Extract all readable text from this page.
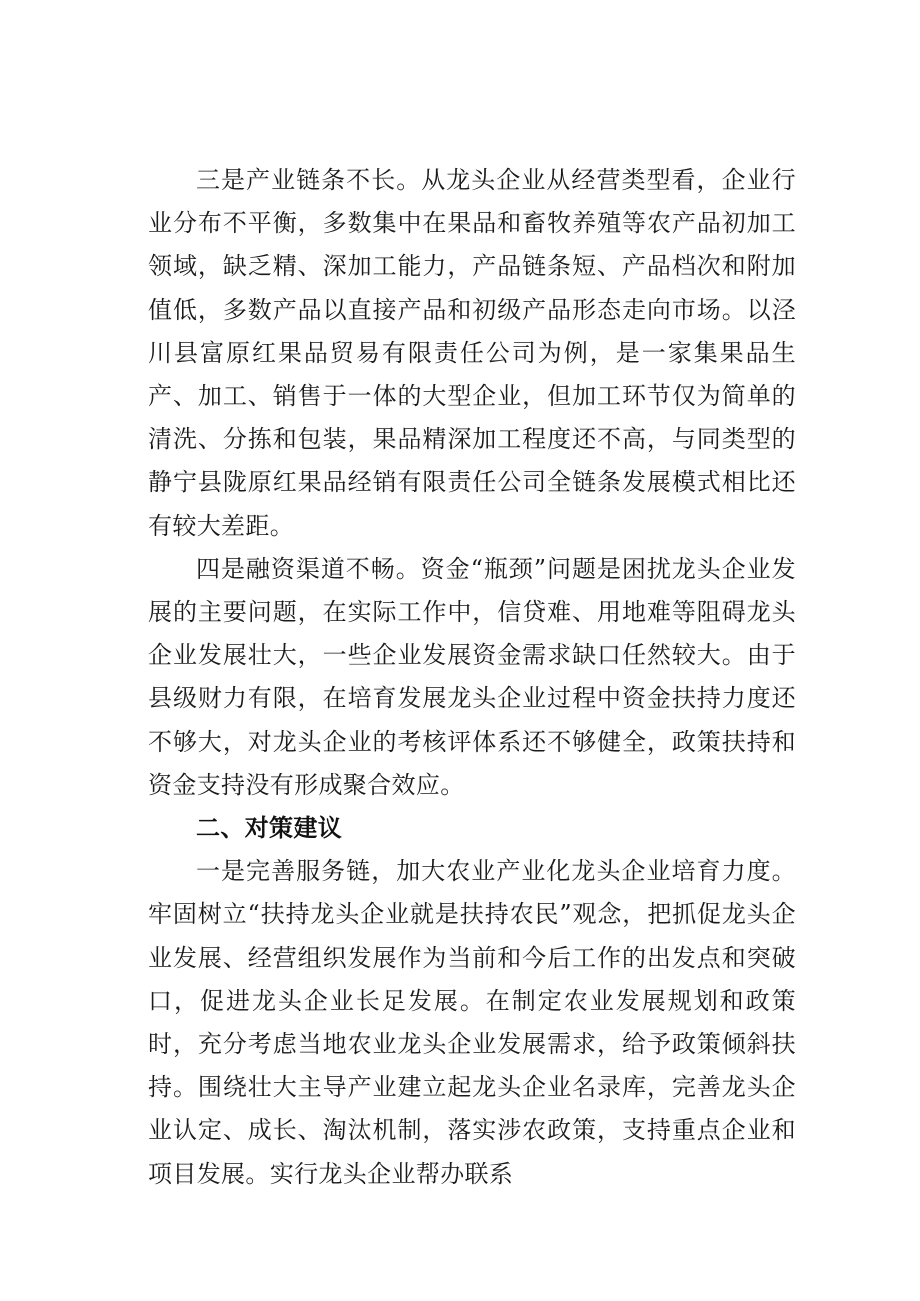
三是产业链条不长。从龙头企业从经营类型看，企业行业分布不平衡，多数集中在果品和畜牧养殖等农产品初加工领域，缺乏精、深加工能力，产品链条短、产品档次和附加值低，多数产品以直接产品和初级产品形态走向市场。以泾川县富原红果品贸易有限责任公司为例，是一家集果品生产、加工、销售于一体的大型企业，但加工环节仅为简单的清洗、分拣和包装，果品精深加工程度还不高，与同类型的静宁县陇原红果品经销有限责任公司全链条发展模式相比还有较大差距。

四是融资渠道不畅。资金“瓶颈”问题是困扰龙头企业发展的主要问题，在实际工作中，信贷难、用地难等阻碍龙头企业发展壮大，一些企业发展资金需求缺口任然较大。由于县级财力有限，在培育发展龙头企业过程中资金扶持力度还不够大，对龙头企业的考核评体系还不够健全，政策扶持和资金支持没有形成聚合效应。

二、对策建议

一是完善服务链，加大农业产业化龙头企业培育力度。牢固树立“扶持龙头企业就是扶持农民”观念，把抓促龙头企业发展、经营组织发展作为当前和今后工作的出发点和突破口，促进龙头企业长足发展。在制定农业发展规划和政策时，充分考虑当地农业龙头企业发展需求，给予政策倾斜扶持。围绕壮大主导产业建立起龙头企业名录库，完善龙头企业认定、成长、淘汰机制，落实涉农政策，支持重点企业和项目发展。实行龙头企业帮办联系
